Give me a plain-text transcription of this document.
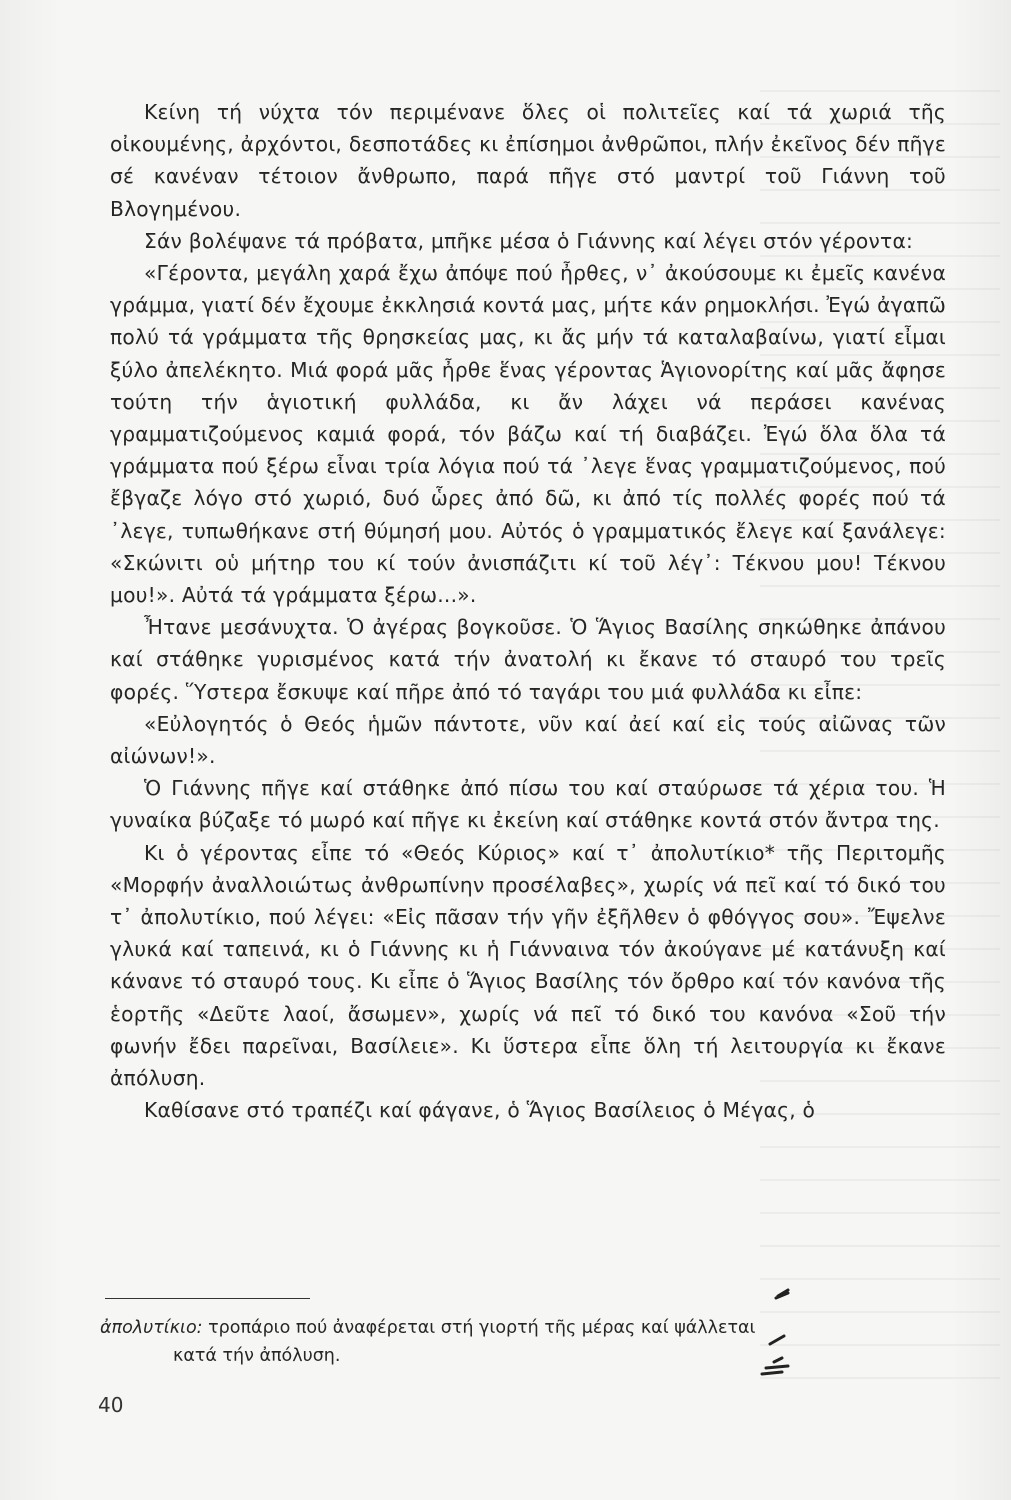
Κείνη τή νύχτα τόν περιμένανε ὅλες οἱ πολιτεῖες καί τά χωριά τῆς οἰκουμένης, ἀρχόντοι, δεσποτάδες κι ἐπίσημοι ἀνθρῶποι, πλήν ἐκεῖνος δέν πῆγε σέ κανέναν τέτοιον ἄνθρωπο, παρά πῆγε στό μαντρί τοῦ Γιάννη τοῦ Βλογημένου.

Σάν βολέψανε τά πρόβατα, μπῆκε μέσα ὁ Γιάννης καί λέγει στόν γέροντα:

«Γέροντα, μεγάλη χαρά ἔχω ἀπόψε πού ἦρθες, ν᾽ ἀκούσουμε κι ἐμεῖς κανένα γράμμα, γιατί δέν ἔχουμε ἐκκλησιά κοντά μας, μήτε κάν ρημοκλήσι. Ἐγώ ἀγαπῶ πολύ τά γράμματα τῆς θρησκείας μας, κι ἄς μήν τά καταλαβαίνω, γιατί εἶμαι ξύλο ἀπελέκητο. Μιά φορά μᾶς ἦρθε ἕνας γέροντας Ἁγιονορίτης καί μᾶς ἄφησε τούτη τήν ἁγιοτική φυλλάδα, κι ἄν λάχει νά περάσει κανένας γραμματιζούμενος καμιά φορά, τόν βάζω καί τή διαβάζει. Ἐγώ ὅλα ὅλα τά γράμματα πού ξέρω εἶναι τρία λόγια πού τά ᾽λεγε ἕνας γραμματιζούμενος, πού ἔβγαζε λόγο στό χωριό, δυό ὧρες ἀπό δῶ, κι ἀπό τίς πολλές φορές πού τά ᾽λεγε, τυπωθήκανε στή θύμησή μου. Αὐτός ὁ γραμματικός ἔλεγε καί ξανάλεγε: «Σκώνιτι οὑ μήτηρ του κί τούν ἀνισπάζιτι κί τοῦ λέγ᾽: Τέκνου μου! Τέκνου μου!». Αὐτά τά γράμματα ξέρω...».

Ἦτανε μεσάνυχτα. Ὁ ἀγέρας βογκοῦσε. Ὁ Ἅγιος Βασίλης σηκώθηκε ἀπάνου καί στάθηκε γυρισμένος κατά τήν ἀνατολή κι ἔκανε τό σταυρό του τρεῖς φορές. Ὕστερα ἔσκυψε καί πῆρε ἀπό τό ταγάρι του μιά φυλλάδα κι εἶπε:

«Εὐλογητός ὁ Θεός ἡμῶν πάντοτε, νῦν καί ἀεί καί εἰς τούς αἰῶνας τῶν αἰώνων!».

Ὁ Γιάννης πῆγε καί στάθηκε ἀπό πίσω του καί σταύρωσε τά χέρια του. Ἡ γυναίκα βύζαξε τό μωρό καί πῆγε κι ἐκείνη καί στάθηκε κοντά στόν ἄντρα της.

Κι ὁ γέροντας εἶπε τό «Θεός Κύριος» καί τ᾽ ἀπολυτίκιο* τῆς Περιτομῆς «Μορφήν ἀναλλοιώτως ἀνθρωπίνην προσέλαβες», χωρίς νά πεῖ καί τό δικό του τ᾽ ἀπολυτίκιο, πού λέγει: «Εἰς πᾶσαν τήν γῆν ἐξῆλθεν ὁ φθόγγος σου». Ἔψελνε γλυκά καί ταπεινά, κι ὁ Γιάννης κι ἡ Γιάνναινα τόν ἀκούγανε μέ κατάνυξη καί κάνανε τό σταυρό τους. Κι εἶπε ὁ Ἅγιος Βασίλης τόν ὄρθρο καί τόν κανόνα τῆς ἑορτῆς «Δεῦτε λαοί, ἄσωμεν», χωρίς νά πεῖ τό δικό του κανόνα «Σοῦ τήν φωνήν ἔδει παρεῖναι, Βασίλειε». Κι ὕστερα εἶπε ὅλη τή λειτουργία κι ἔκανε ἀπόλυση.

Καθίσανε στό τραπέζι καί φάγανε, ὁ Ἅγιος Βασίλειος ὁ Μέγας, ὁ

ἀπολυτίκιο: τροπάριο πού ἀναφέρεται στή γιορτή τῆς μέρας καί ψάλλεται
κατά τήν ἀπόλυση.
40
